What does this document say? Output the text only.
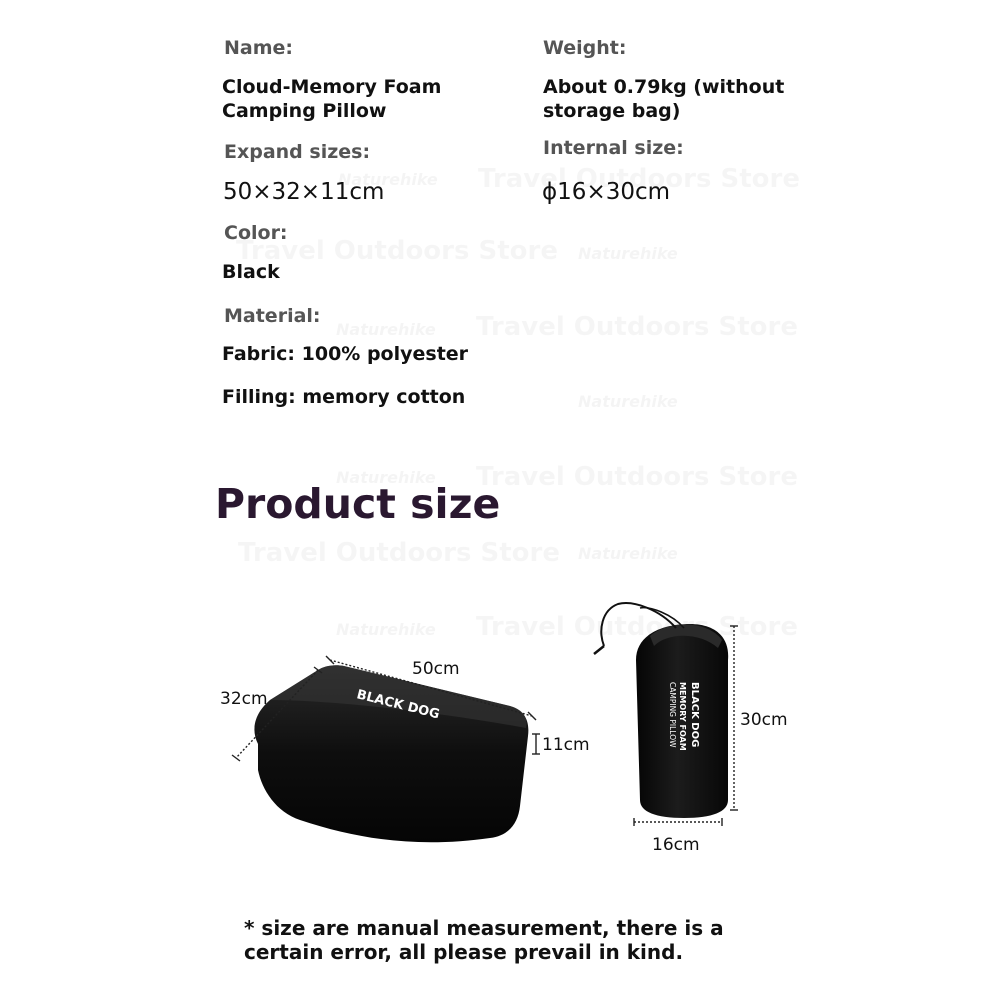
Name:
Cloud-Memory Foam Camping Pillow
Weight:
About 0.79kg (without storage bag)
Expand sizes:
50×32×11cm
Internal size:
ϕ16×30cm
Color:
Black
Material:
Fabric: 100% polyester
Filling: memory cotton
Product size
BLACK DOG	BLACK DOG
MEMORY FOAM
CAMPING PILLOW
50cm
32cm
11cm
30cm
16cm
* size are manual measurement, there is a certain error, all please prevail in kind.
